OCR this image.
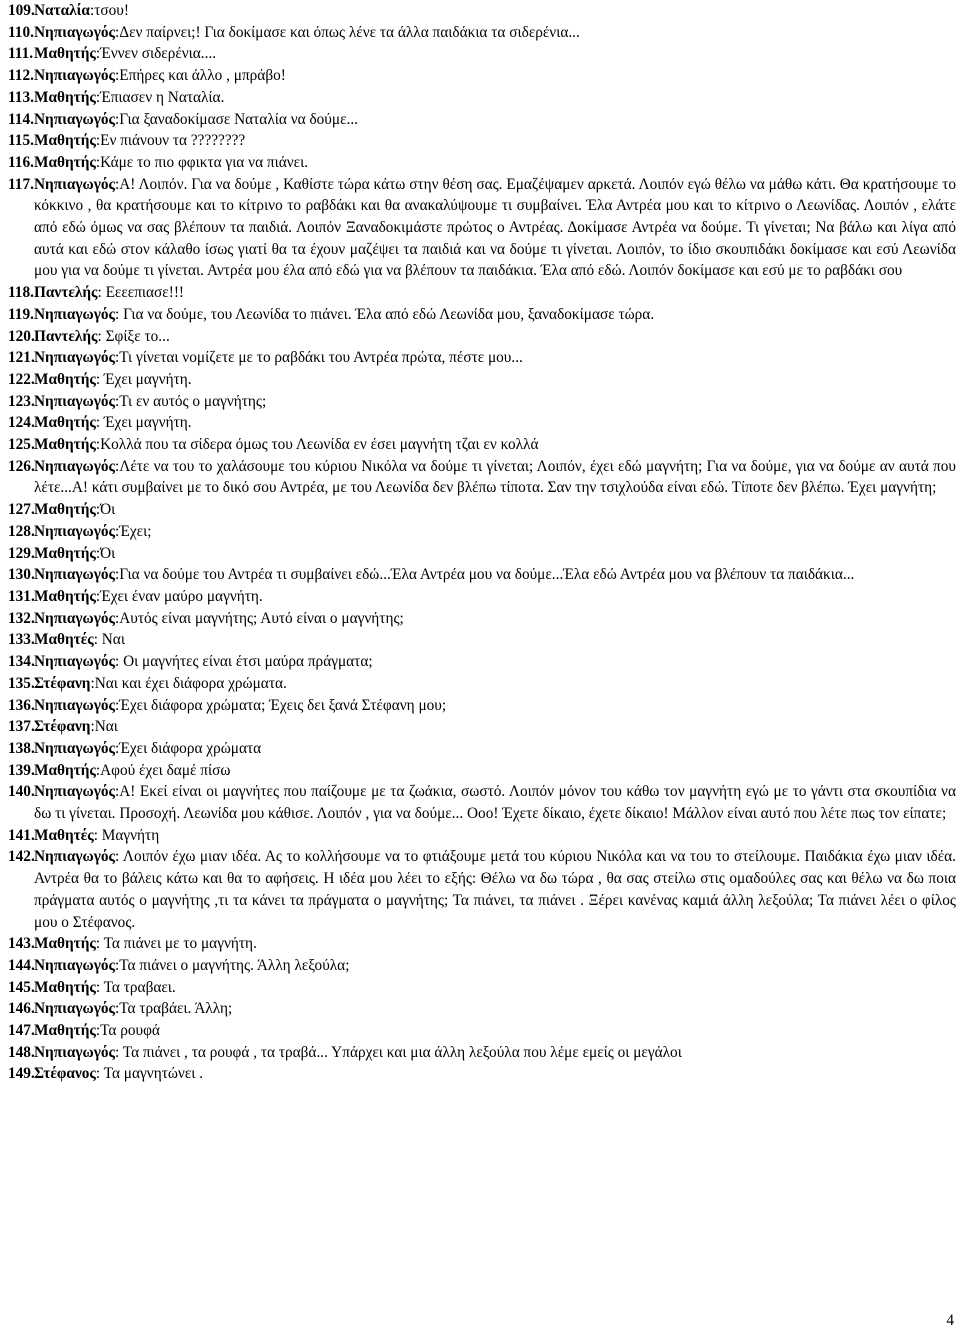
109. Ναταλία:τσου!
110. Νηπιαγωγός:Δεν παίρνει;! Για δοκίμασε και όπως λένε τα άλλα παιδάκια τα σιδερένια...
111. Μαθητής:Έννεν σιδερένια....
112. Νηπιαγωγός:Επήρες και άλλο , μπράβο!
113. Μαθητής:Έπιασεν η Ναταλία.
114. Νηπιαγωγός:Για ξαναδοκίμασε Ναταλία να δούμε...
115. Μαθητής:Εν πιάνουν τα ????????
116. Μαθητής:Κάμε το πιο φφικτα για να πιάνει.
117. Νηπιαγωγός:Α! Λοιπόν. Για να δούμε , Καθίστε τώρα κάτω στην θέση σας. Εμαζέψαμεν αρκετά. Λοιπόν εγώ θέλω να μάθω κάτι. Θα κρατήσουμε το κόκκινο , θα κρατήσουμε και το κίτρινο το ραβδάκι και θα ανακαλύψουμε τι συμβαίνει. Έλα Αντρέα μου και το κίτρινο ο Λεωνίδας. Λοιπόν , ελάτε από εδώ όμως να σας βλέπουν τα παιδιά. Λοιπόν Ξαναδοκιμάστε πρώτος ο Αντρέας. Δοκίμασε Αντρέα να δούμε. Τι γίνεται; Να βάλω και λίγα από αυτά και εδώ στον κάλαθο ίσως γιατί θα τα έχουν μαζέψει τα παιδιά και να δούμε τι γίνεται. Λοιπόν, το ίδιο σκουπιδάκι δοκίμασε και εσύ Λεωνίδα μου για να δούμε τι γίνεται. Αντρέα μου έλα από εδώ για να βλέπουν τα παιδάκια. Έλα από εδώ. Λοιπόν δοκίμασε και εσύ με το ραβδάκι σου
118. Παντελής: Εεεεπιασε!!!
119. Νηπιαγωγός: Για να δούμε, του Λεωνίδα το πιάνει. Έλα από εδώ Λεωνίδα μου, ξαναδοκίμασε τώρα.
120. Παντελής: Σφίξε το...
121. Νηπιαγωγός:Τι γίνεται νομίζετε με το ραβδάκι του Αντρέα πρώτα, πέστε μου...
122. Μαθητής: Έχει μαγνήτη.
123. Νηπιαγωγός:Τι εν αυτός ο μαγνήτης;
124. Μαθητής: Έχει μαγνήτη.
125. Μαθητής:Κολλά που τα σίδερα όμως του Λεωνίδα εν έσει μαγνήτη τζαι εν κολλά
126. Νηπιαγωγός:Λέτε να του το χαλάσουμε του κύριου Νικόλα να δούμε τι γίνεται; Λοιπόν, έχει εδώ μαγνήτη; Για να δούμε, για να δούμε αν αυτά που λέτε...Α! κάτι συμβαίνει με το δικό σου Αντρέα, με του Λεωνίδα δεν βλέπω τίποτα. Σαν την τσιχλούδα είναι εδώ. Τίποτε δεν βλέπω. Έχει μαγνήτη;
127. Μαθητής:Όι
128. Νηπιαγωγός:Έχει;
129. Μαθητής:Όι
130. Νηπιαγωγός:Για να δούμε του Αντρέα τι συμβαίνει εδώ...Έλα Αντρέα μου να δούμε...Έλα εδώ Αντρέα μου να βλέπουν τα παιδάκια...
131. Μαθητής:Έχει έναν μαύρο μαγνήτη.
132. Νηπιαγωγός:Αυτός είναι μαγνήτης; Αυτό είναι ο μαγνήτης;
133. Μαθητές: Ναι
134. Νηπιαγωγός: Οι μαγνήτες είναι έτσι μαύρα πράγματα;
135. Στέφανη:Ναι και έχει διάφορα χρώματα.
136. Νηπιαγωγός:Έχει διάφορα χρώματα; Έχεις δει ξανά Στέφανη μου;
137. Στέφανη:Ναι
138. Νηπιαγωγός:Έχει διάφορα χρώματα
139. Μαθητής:Αφού έχει δαμέ πίσω
140. Νηπιαγωγός:Α! Εκεί είναι οι μαγνήτες που παίζουμε με τα ζωάκια, σωστό. Λοιπόν μόνον του κάθω τον μαγνήτη εγώ με το γάντι στα σκουπίδια να δω τι γίνεται. Προσοχή. Λεωνίδα μου κάθισε. Λοιπόν , για να δούμε... Οοο! Έχετε δίκαιο, έχετε δίκαιο! Μάλλον είναι αυτό που λέτε πως τον είπατε;
141. Μαθητές: Μαγνήτη
142. Νηπιαγωγός: Λοιπόν έχω μιαν ιδέα. Ας το κολλήσουμε να το φτιάξουμε μετά του κύριου Νικόλα και να του το στείλουμε. Παιδάκια έχω μιαν ιδέα. Αντρέα θα το βάλεις κάτω και θα το αφήσεις. Η ιδέα μου λέει το εξής: Θέλω να δω τώρα , θα σας στείλω στις ομαδούλες σας και θέλω να δω ποια πράγματα αυτός ο μαγνήτης ,τι τα κάνει τα πράγματα ο μαγνήτης; Τα πιάνει, τα πιάνει . Ξέρει κανένας καμιά άλλη λεξούλα; Τα πιάνει λέει ο φίλος μου ο Στέφανος.
143. Μαθητής: Τα πιάνει με το μαγνήτη.
144. Νηπιαγωγός:Τα πιάνει ο μαγνήτης. Άλλη λεξούλα;
145. Μαθητής: Τα τραβαει.
146. Νηπιαγωγός:Τα τραβάει. Άλλη;
147. Μαθητής:Τα ρουφά
148. Νηπιαγωγός: Τα πιάνει , τα ρουφά , τα τραβά... Υπάρχει και μια άλλη λεξούλα που λέμε εμείς οι μεγάλοι
149. Στέφανος: Τα μαγνητώνει .
4
